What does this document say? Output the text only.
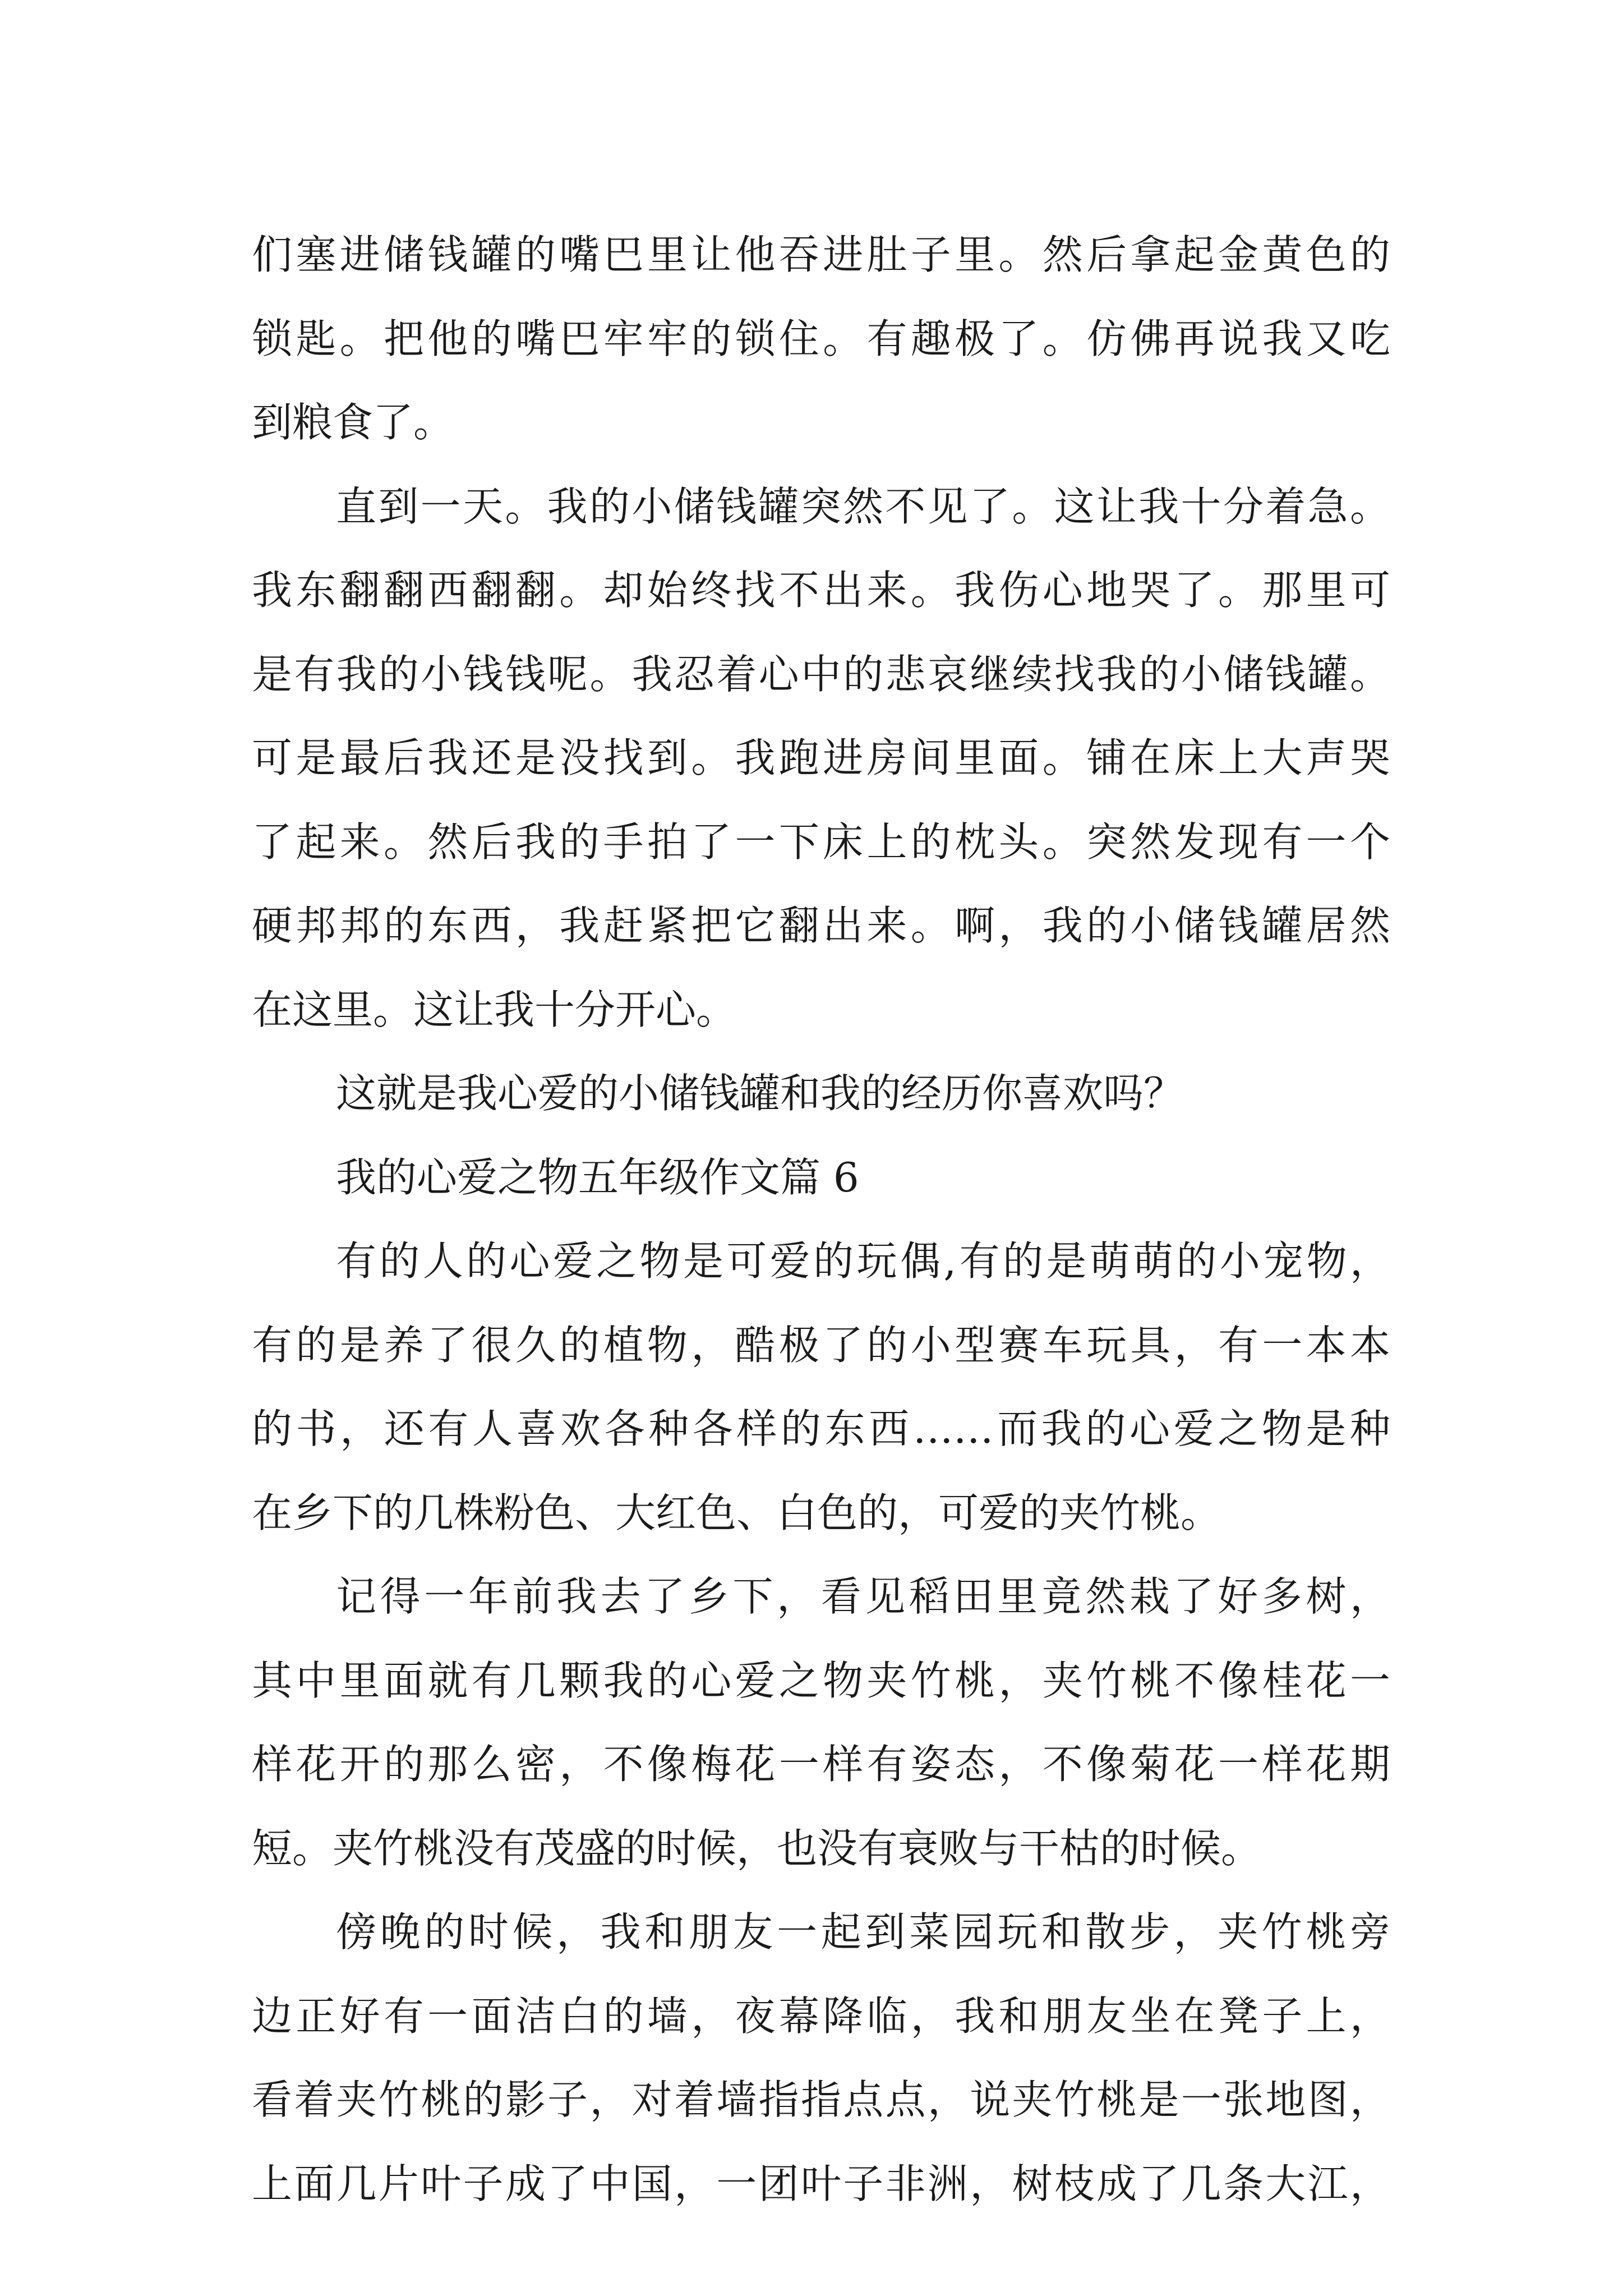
们塞进储钱罐的嘴巴里让他吞进肚子里。然后拿起金黄色的
锁匙。把他的嘴巴牢牢的锁住。有趣极了。仿佛再说我又吃
到粮食了。
直到一天。我的小储钱罐突然不见了。这让我十分着急。
我东翻翻西翻翻。却始终找不出来。我伤心地哭了。那里可
是有我的小钱钱呢。我忍着心中的悲哀继续找我的小储钱罐。
可是最后我还是没找到。我跑进房间里面。铺在床上大声哭
了起来。然后我的手拍了一下床上的枕头。突然发现有一个
硬邦邦的东西，我赶紧把它翻出来。啊，我的小储钱罐居然
在这里。这让我十分开心。
这就是我心爱的小储钱罐和我的经历你喜欢吗？
我的心爱之物五年级作文篇 6
有的人的心爱之物是可爱的玩偶,有的是萌萌的小宠物，
有的是养了很久的植物，酷极了的小型赛车玩具，有一本本
的书，还有人喜欢各种各样的东西……而我的心爱之物是种
在乡下的几株粉色、大红色、白色的，可爱的夹竹桃。
记得一年前我去了乡下，看见稻田里竟然栽了好多树，
其中里面就有几颗我的心爱之物夹竹桃，夹竹桃不像桂花一
样花开的那么密，不像梅花一样有姿态，不像菊花一样花期
短。夹竹桃没有茂盛的时候，也没有衰败与干枯的时候。
傍晚的时候，我和朋友一起到菜园玩和散步，夹竹桃旁
边正好有一面洁白的墙，夜幕降临，我和朋友坐在凳子上，
看着夹竹桃的影子，对着墙指指点点，说夹竹桃是一张地图，
上面几片叶子成了中国，一团叶子非洲，树枝成了几条大江，
